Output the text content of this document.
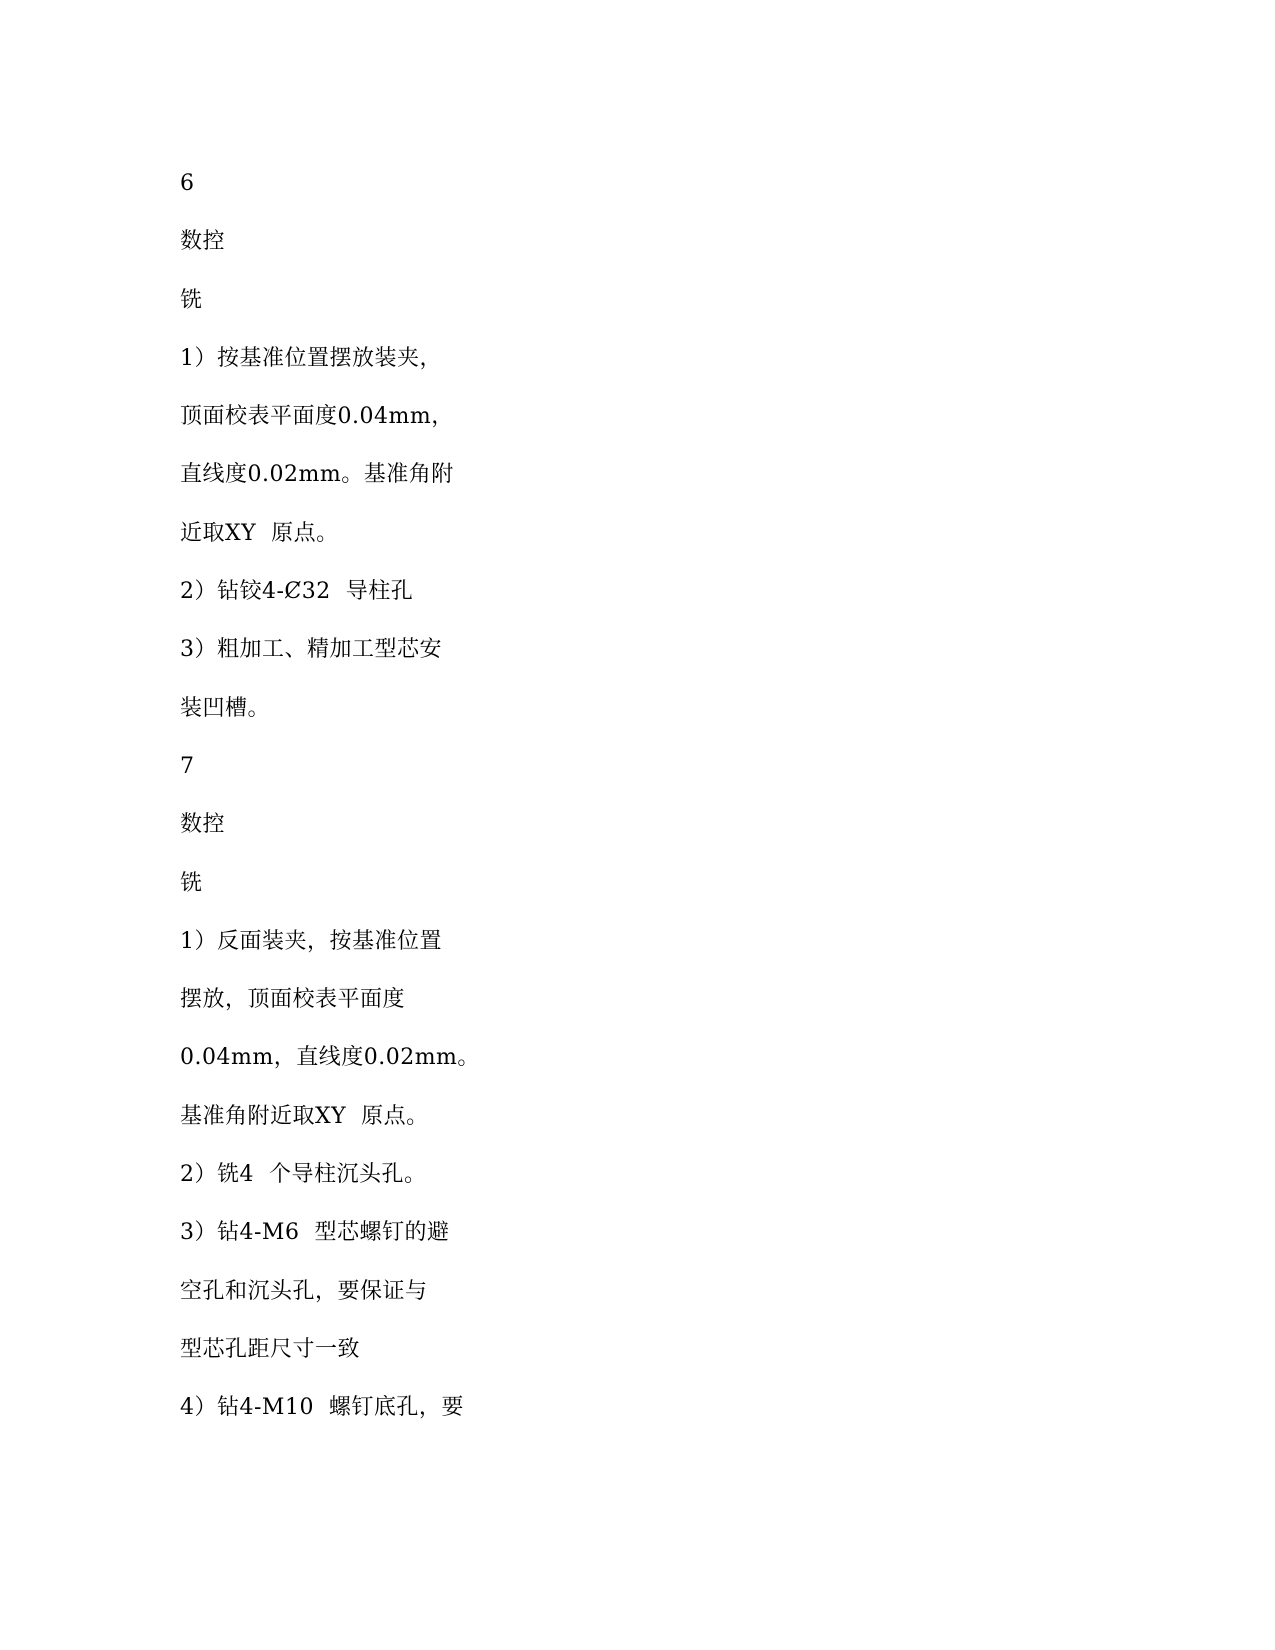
6
数控
铣
1）按基准位置摆放装夹，
顶面校表平面度0.04mm，
直线度0.02mm。基准角附
近取XY  原点。
2）钻铰4-Ȼ32  导柱孔
3）粗加工、精加工型芯安
装凹槽。
7
数控
铣
1）反面装夹，按基准位置
摆放，顶面校表平面度
0.04mm，直线度0.02mm。
基准角附近取XY  原点。
2）铣4  个导柱沉头孔。
3）钻4-M6  型芯螺钉的避
空孔和沉头孔，要保证与
型芯孔距尺寸一致
4）钻4-M10  螺钉底孔，要
